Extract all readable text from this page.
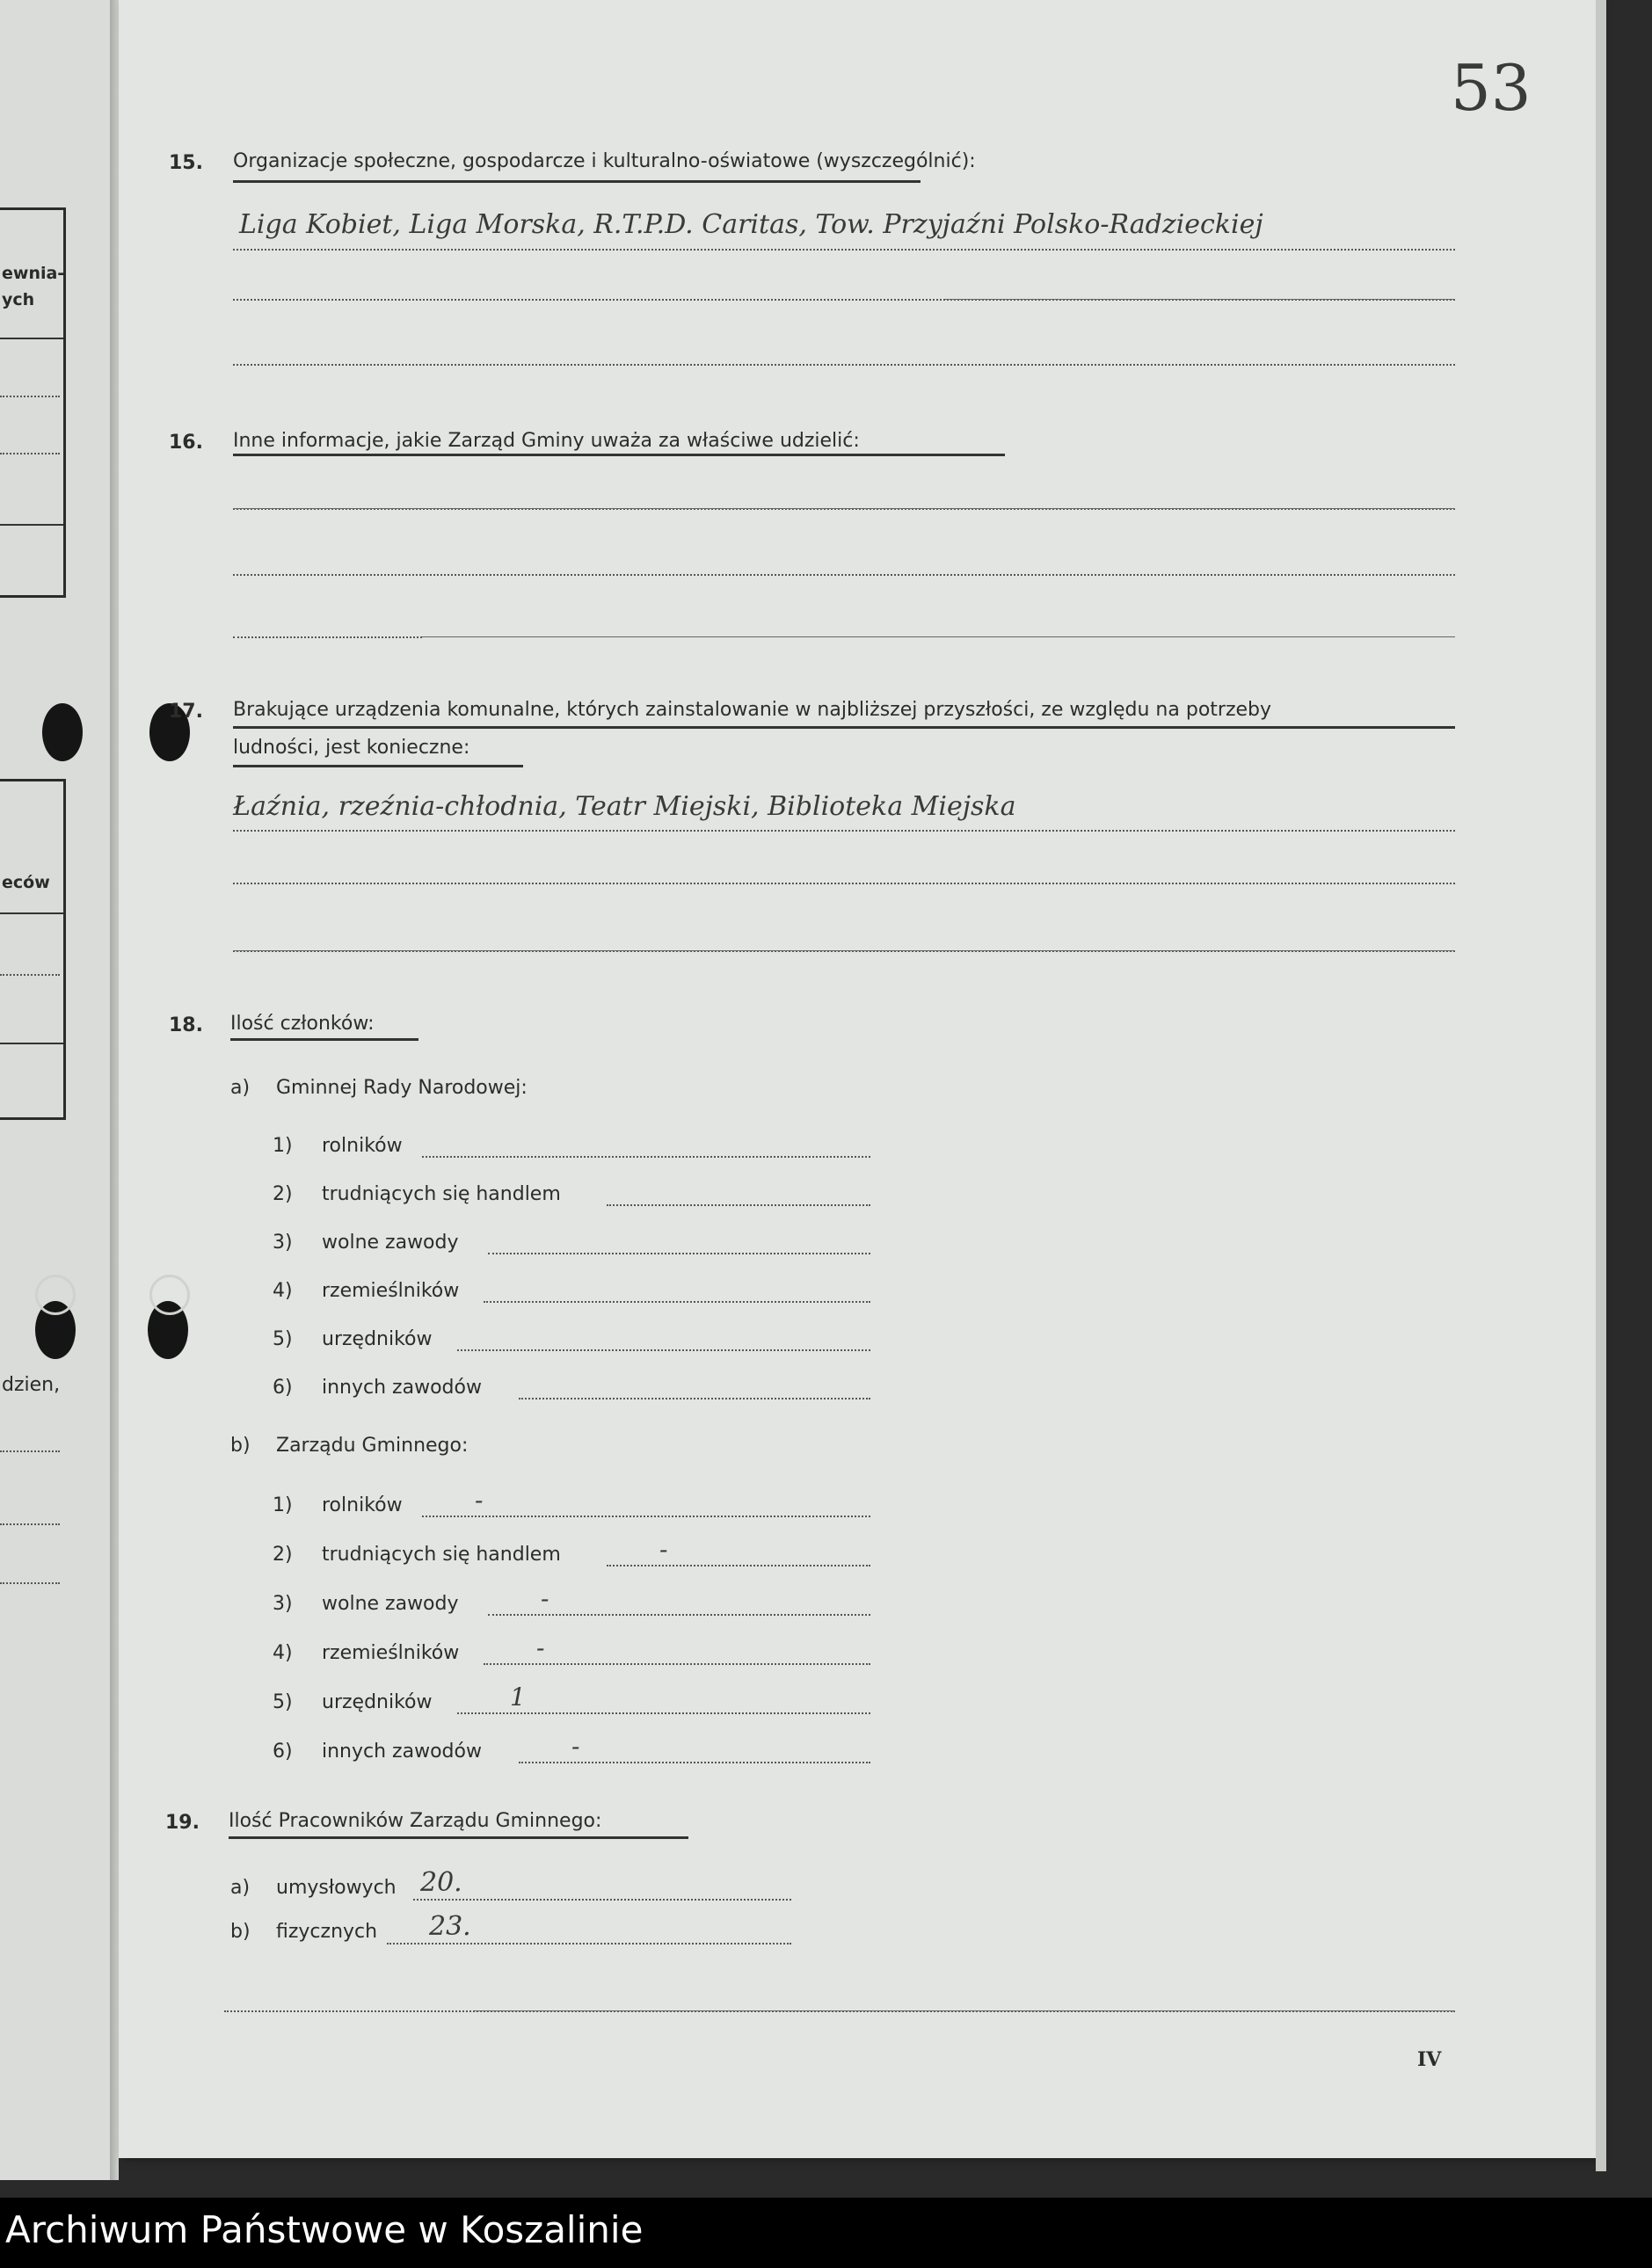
ewnia-
ych
eców
dzien,
53
15. Organizacje społeczne, gospodarcze i kulturalno-oświatowe (wyszczególnić):
Liga Kobiet, Liga Morska, R.T.P.D. Caritas, Tow. Przyjaźni Polsko-Radzieckiej
16. Inne informacje, jakie Zarząd Gminy uważa za właściwe udzielić:
17. Brakujące urządzenia komunalne, których zainstalowanie w najbliższej przyszłości, ze względu na potrzeby
ludności, jest konieczne:
Łaźnia, rzeźnia-chłodnia, Teatr Miejski, Biblioteka Miejska
18. Ilość członków:
a) Gminnej Rady Narodowej:
1) rolników
2) trudniących się handlem
3) wolne zawody
4) rzemieślników
5) urzędników
6) innych zawodów
b) Zarządu Gminnego:
1) rolników	-
2) trudniących się handlem	-
3) wolne zawody	-
4) rzemieślników	-
5) urzędników	1
6) innych zawodów	-
19. Ilość Pracowników Zarządu Gminnego:
a) umysłowych 20.
b) fizycznych 23.
IV
Archiwum Państwowe w Koszalinie
